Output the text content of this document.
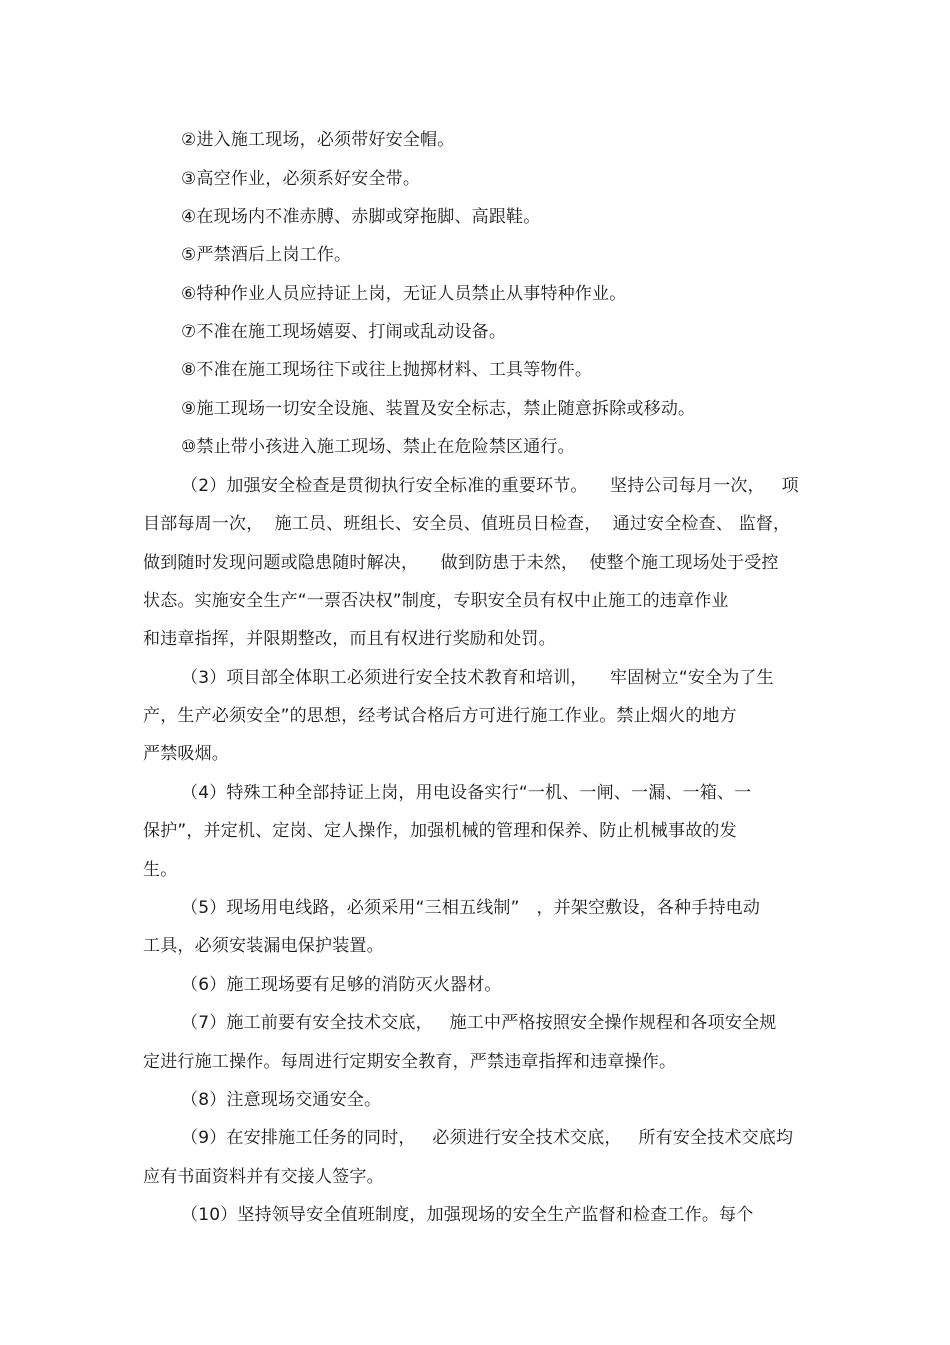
②进入施工现场，必须带好安全帽。
③高空作业，必须系好安全带。
④在现场内不准赤膊、赤脚或穿拖脚、高跟鞋。
⑤严禁酒后上岗工作。
⑥特种作业人员应持证上岗，无证人员禁止从事特种作业。
⑦不准在施工现场嬉耍、打闹或乱动设备。
⑧不准在施工现场往下或往上抛掷材料、工具等物件。
⑨施工现场一切安全设施、装置及安全标志，禁止随意拆除或移动。
⑩禁止带小孩进入施工现场、禁止在危险禁区通行。
（2）加强安全检查是贯彻执行安全标准的重要环节。    坚持公司每月一次，   项
目部每周一次，  施工员、班组长、安全员、值班员日检查，  通过安全检查、 监督，
做到随时发现问题或隐患随时解决，    做到防患于未然，  使整个施工现场处于受控
状态。实施安全生产“一票否决权”制度，专职安全员有权中止施工的违章作业
和违章指挥，并限期整改，而且有权进行奖励和处罚。
（3）项目部全体职工必须进行安全技术教育和培训，    牢固树立“安全为了生
产，生产必须安全”的思想，经考试合格后方可进行施工作业。禁止烟火的地方
严禁吸烟。
（4）特殊工种全部持证上岗，用电设备实行“一机、一闸、一漏、一箱、一
保护”，并定机、定岗、定人操作，加强机械的管理和保养、防止机械事故的发
生。
（5）现场用电线路，必须采用“三相五线制”   ，并架空敷设，各种手持电动
工具，必须安装漏电保护装置。
（6）施工现场要有足够的消防灭火器材。
（7）施工前要有安全技术交底，   施工中严格按照安全操作规程和各项安全规
定进行施工操作。每周进行定期安全教育，严禁违章指挥和违章操作。
（8）注意现场交通安全。
（9）在安排施工任务的同时，   必须进行安全技术交底，   所有安全技术交底均
应有书面资料并有交接人签字。
（10）坚持领导安全值班制度，加强现场的安全生产监督和检查工作。每个
